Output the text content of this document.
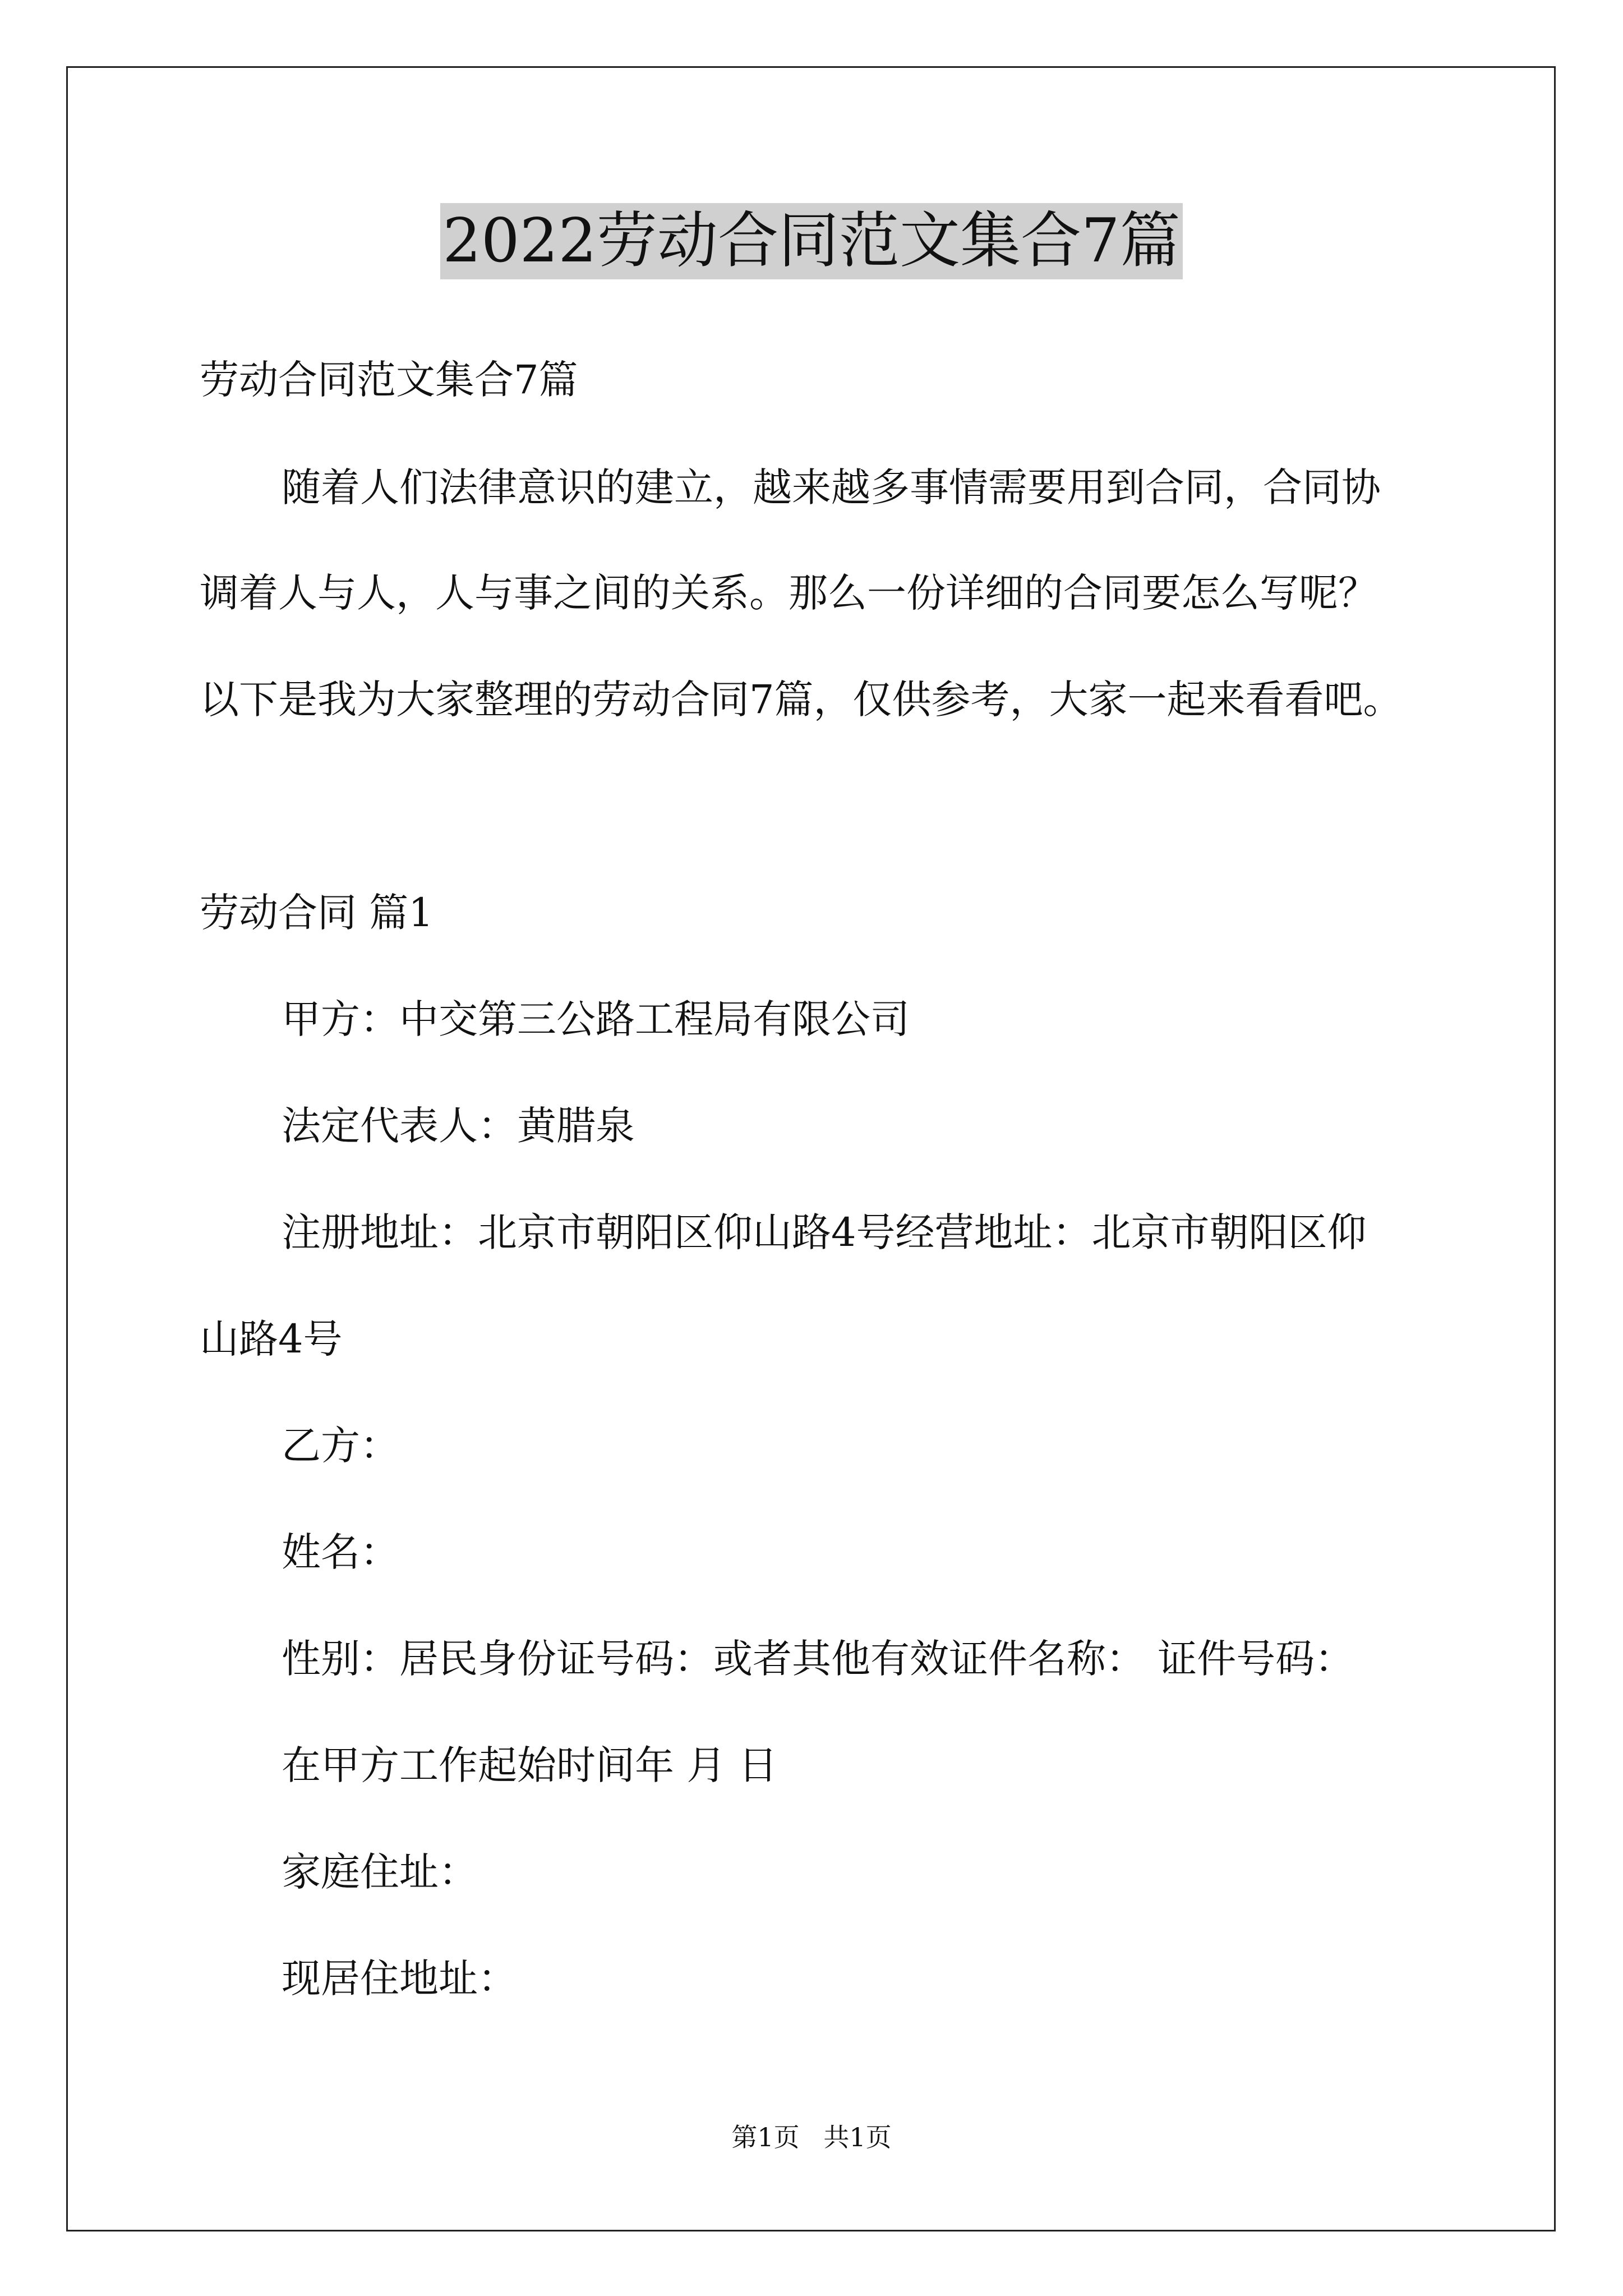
2022劳动合同范文集合7篇
劳动合同范文集合7篇
随着人们法律意识的建立，越来越多事情需要用到合同，合同协
调着人与人，人与事之间的关系。那么一份详细的合同要怎么写呢？
以下是我为大家整理的劳动合同7篇，仅供参考，大家一起来看看吧。
劳动合同 篇1
甲方：中交第三公路工程局有限公司
法定代表人：黄腊泉
注册地址：北京市朝阳区仰山路4号经营地址：北京市朝阳区仰
山路4号
乙方：
姓名：
性别：居民身份证号码：或者其他有效证件名称： 证件号码：
在甲方工作起始时间年 月 日
家庭住址：
现居住地址：
第1页 共1页
